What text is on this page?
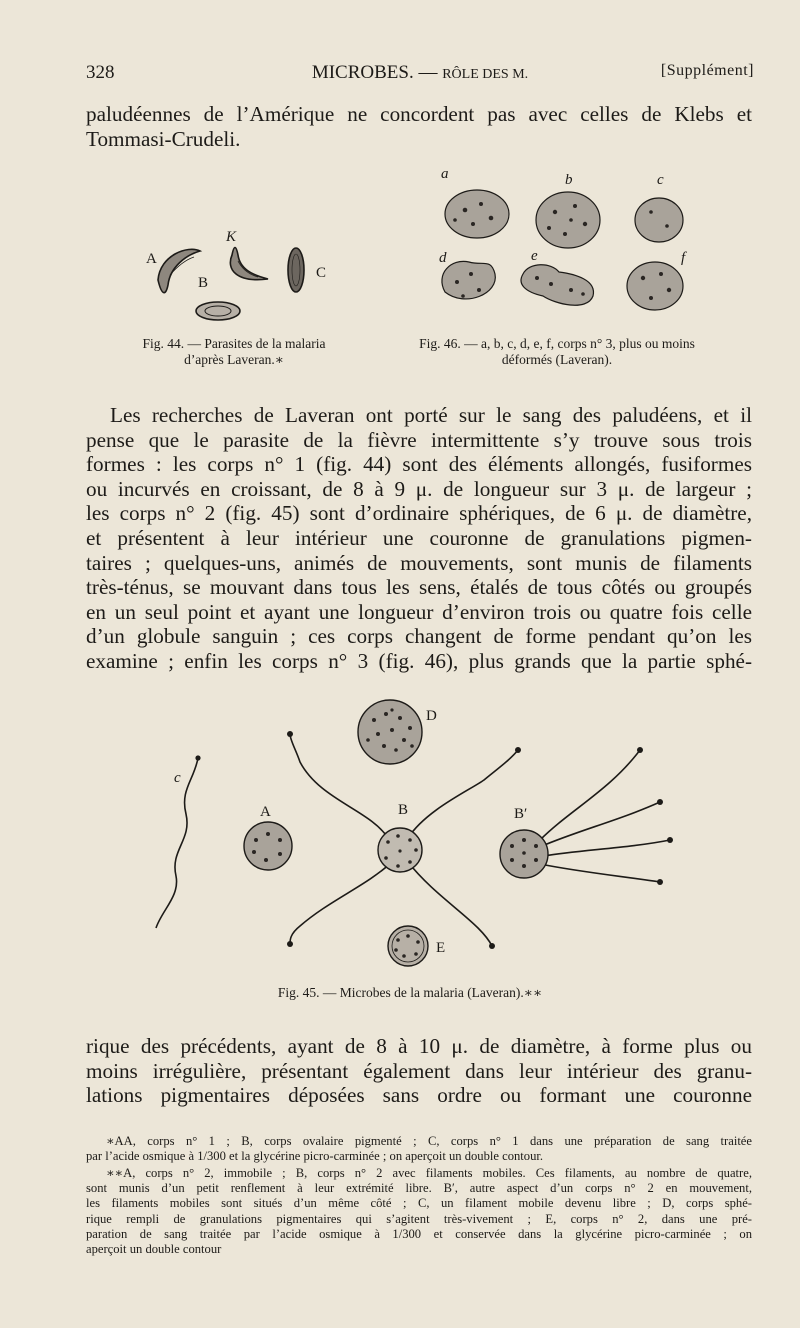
328	MICROBES. — RÔLE DES M.	[Supplément]
paludéennes de l’Amérique ne concordent pas avec celles de Klebs et
Tommasi-Crudeli.
A
K
B
C
Fig. 44. — Parasites de la malaria
d’après Laveran.∗
a	b	c
d	e	f
Fig. 46. — a, b, c, d, e, f, corps n° 3, plus ou moins
déformés (Laveran).
Les recherches de Laveran ont porté sur le sang des paludéens, et il
pense que le parasite de la fièvre intermittente s’y trouve sous trois
formes : les corps n° 1 (fig. 44) sont des éléments allongés, fusiformes
ou incurvés en croissant, de 8 à 9 μ. de longueur sur 3 μ. de largeur ;
les corps n° 2 (fig. 45) sont d’ordinaire sphériques, de 6 μ. de diamètre,
et présentent à leur intérieur une couronne de granulations pigmen-
taires ; quelques-uns, animés de mouvements, sont munis de filaments
très-ténus, se mouvant dans tous les sens, étalés de tous côtés ou groupés
en un seul point et ayant une longueur d’environ trois ou quatre fois celle
d’un globule sanguin ; ces corps changent de forme pendant qu’on les
examine ; enfin les corps n° 3 (fig. 46), plus grands que la partie sphé-
D
c
A	B	B′
E
Fig. 45. — Microbes de la malaria (Laveran).∗∗
rique des précédents, ayant de 8 à 10 μ. de diamètre, à forme plus ou
moins irrégulière, présentant également dans leur intérieur des granu-
lations pigmentaires déposées sans ordre ou formant une couronne
∗AA, corps n° 1 ; B, corps ovalaire pigmenté ; C, corps n° 1 dans une préparation de sang traitée
par l’acide osmique à 1/300 et la glycérine picro-carminée ; on aperçoit un double contour.
∗∗A, corps n° 2, immobile ; B, corps n° 2 avec filaments mobiles. Ces filaments, au nombre de quatre,
sont munis d’un petit renflement à leur extrémité libre. B′, autre aspect d’un corps n° 2 en mouvement,
les filaments mobiles sont situés d’un même côté ; C, un filament mobile devenu libre ; D, corps sphé-
rique rempli de granulations pigmentaires qui s’agitent très-vivement ; E, corps n° 2, dans une pré-
paration de sang traitée par l’acide osmique à 1/300 et conservée dans la glycérine picro-carminée ; on
aperçoit un double contour
